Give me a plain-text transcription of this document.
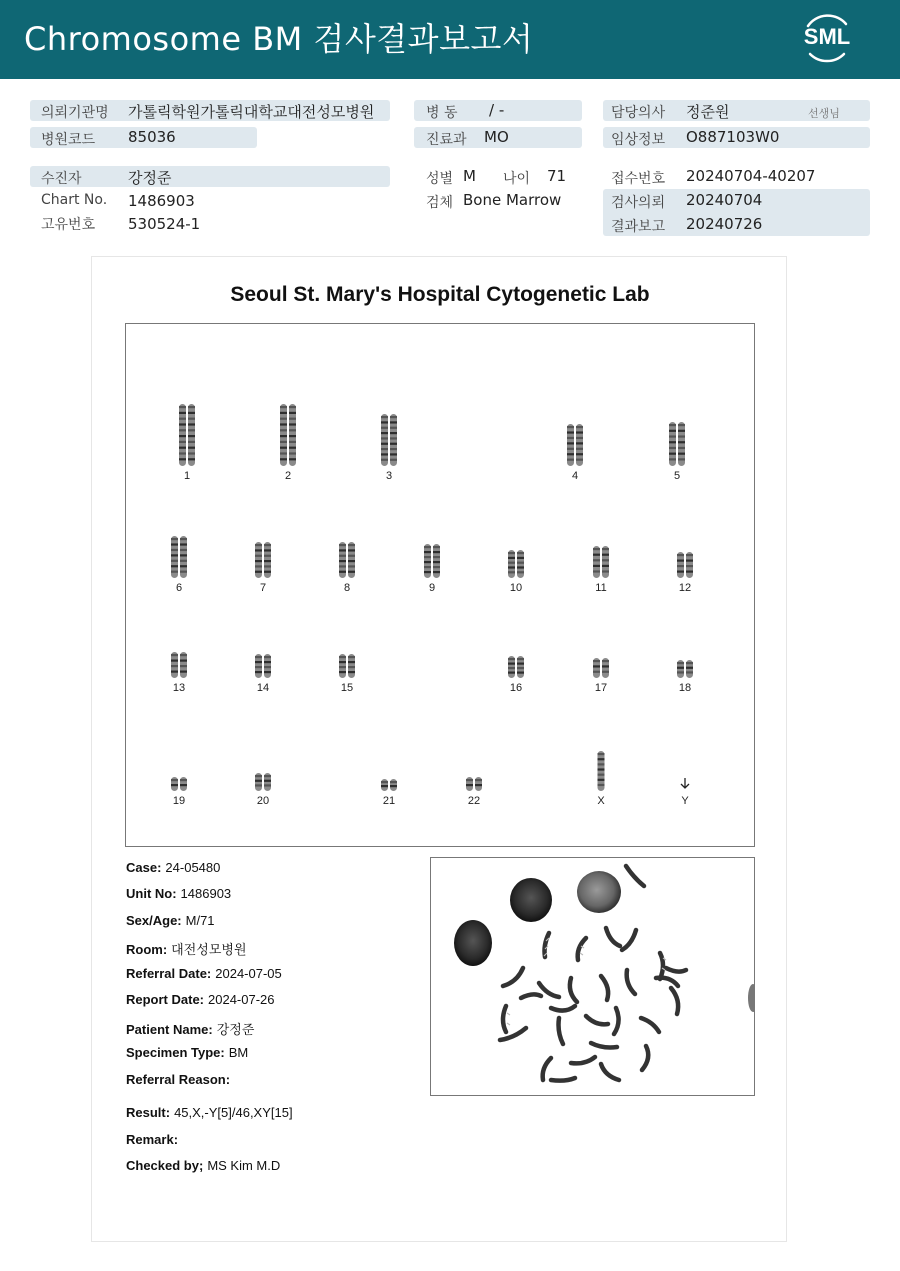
Chromosome BM 검사결과보고서	SML
의뢰기관명 가톨릭학원가톨릭대학교대전성모병원	병 동 / -	담당의사 정준원	선생님
병원코드 85036	진료과 MO	임상정보 O887103W0
수진자	강정준	성별 M 나이 71	접수번호 20240704-40207
Chart No. 1486903	검체 Bone Marrow	검사의뢰 20240704
고유번호 530524-1	결과보고 20240726
Seoul St. Mary's Hospital Cytogenetic Lab
1	2	3	4	5
6	7	8	9	10	11	12
13	14	15	16	17	18
19	20	21	22	X	Y
Case: 24-05480
Unit No: 1486903
Sex/Age: M/71
Room: 대전성모병원
Referral Date: 2024-07-05
Report Date: 2024-07-26
Patient Name: 강정준
Specimen Type: BM
Referral Reason:
Result: 45,X,-Y[5]/46,XY[15]
Remark:
Checked by; MS Kim M.D
